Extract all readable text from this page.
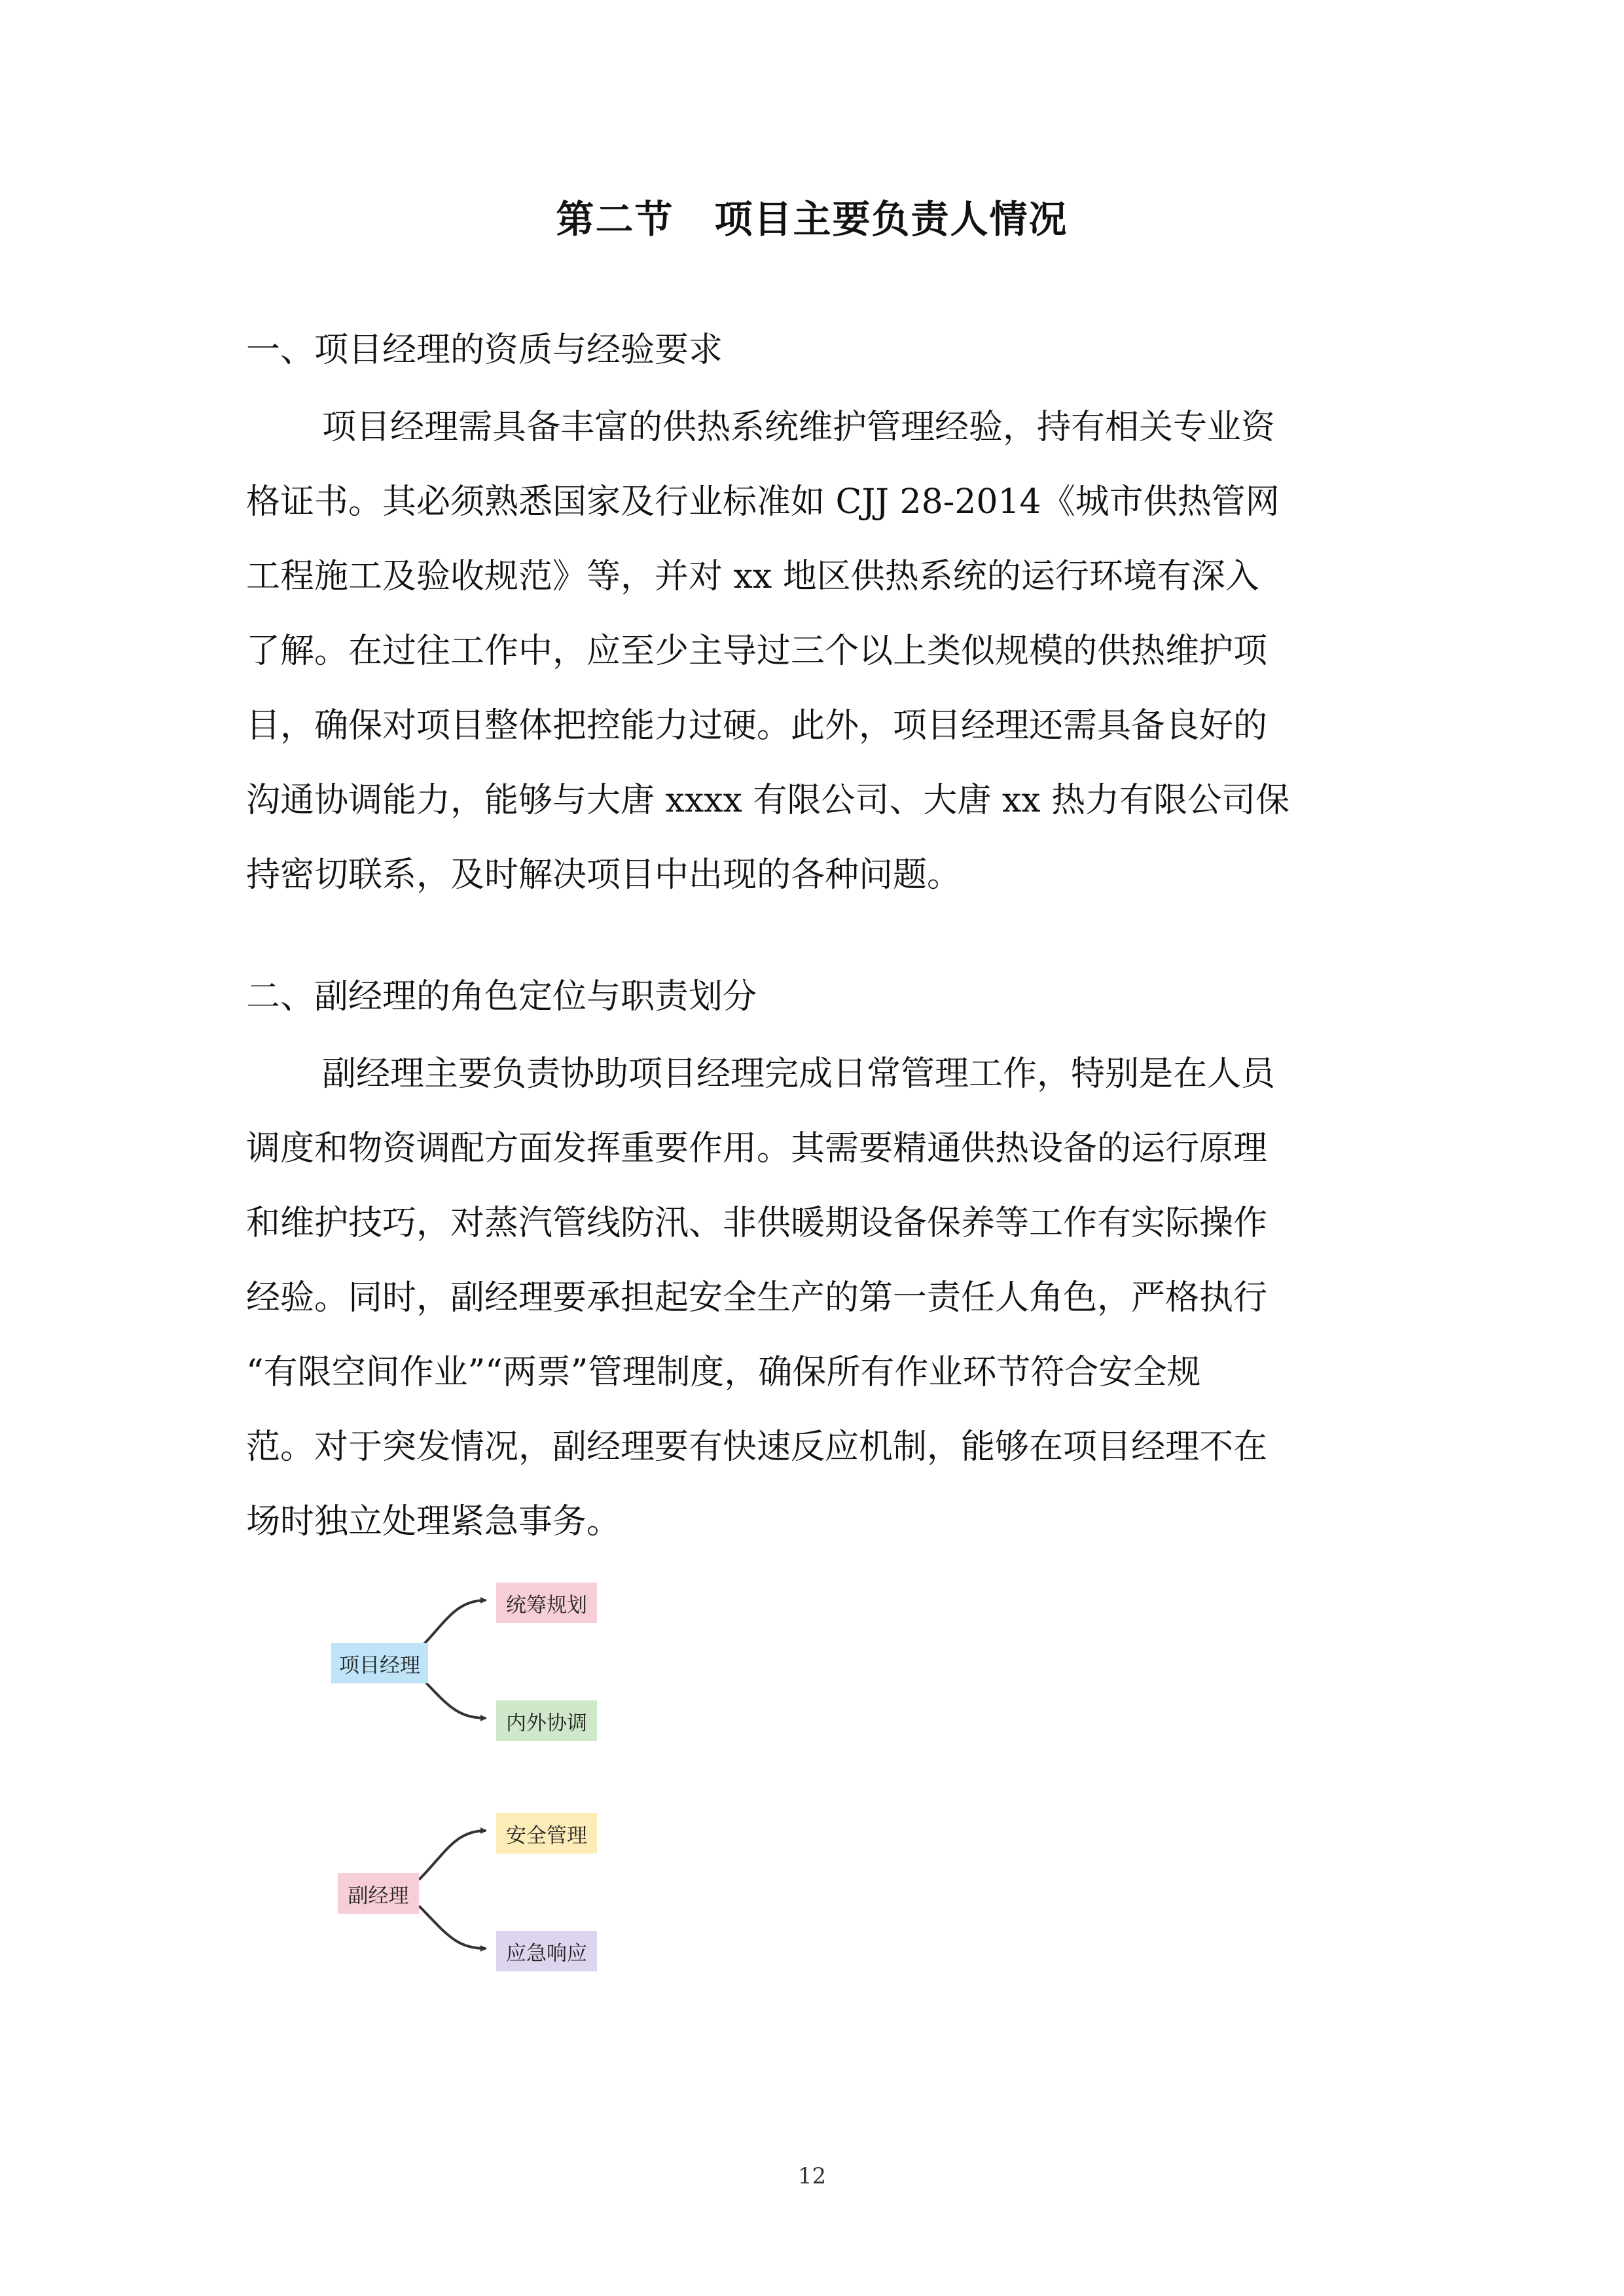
第二节 项目主要负责人情况
一、项目经理的资质与经验要求
项目经理需具备丰富的供热系统维护管理经验，持有相关专业资
格证书。其必须熟悉国家及行业标准如 CJJ 28-2014《城市供热管网
工程施工及验收规范》等，并对 xx 地区供热系统的运行环境有深入
了解。在过往工作中，应至少主导过三个以上类似规模的供热维护项
目，确保对项目整体把控能力过硬。此外，项目经理还需具备良好的
沟通协调能力，能够与大唐 xxxx 有限公司、大唐 xx 热力有限公司保
持密切联系，及时解决项目中出现的各种问题。
二、副经理的角色定位与职责划分
副经理主要负责协助项目经理完成日常管理工作，特别是在人员
调度和物资调配方面发挥重要作用。其需要精通供热设备的运行原理
和维护技巧，对蒸汽管线防汛、非供暖期设备保养等工作有实际操作
经验。同时，副经理要承担起安全生产的第一责任人角色，严格执行
“有限空间作业”“两票”管理制度，确保所有作业环节符合安全规
范。对于突发情况，副经理要有快速反应机制，能够在项目经理不在
场时独立处理紧急事务。
项目经理
统筹规划
内外协调
副经理
安全管理
应急响应
12
